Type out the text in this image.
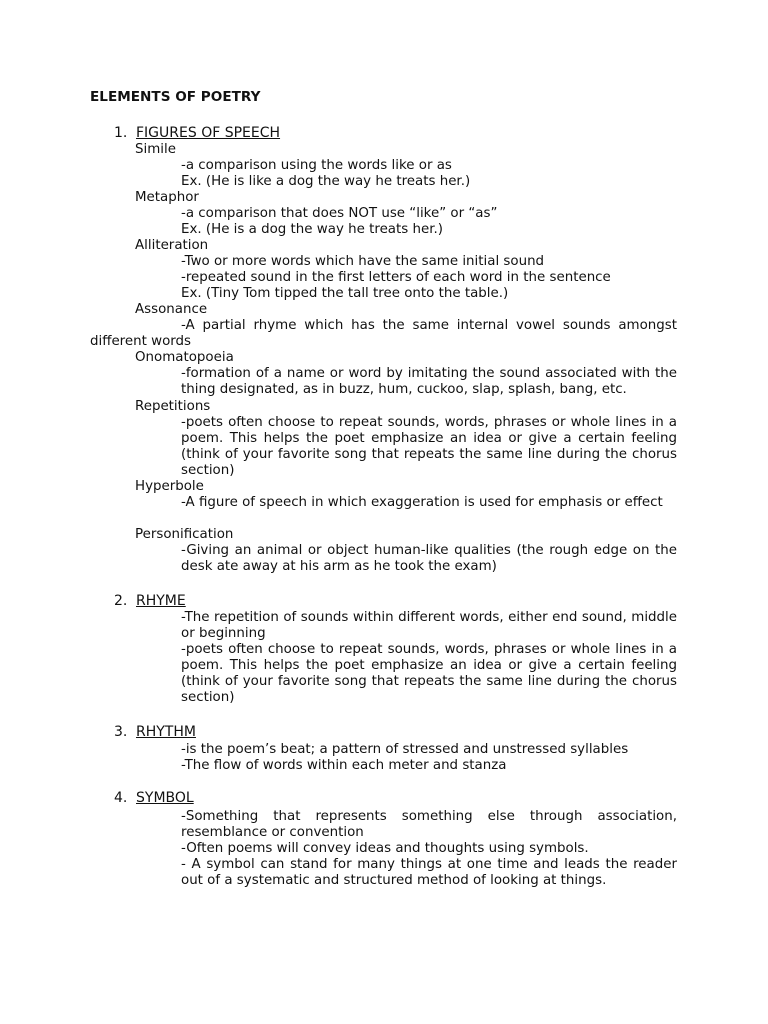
ELEMENTS OF POETRY
1. FIGURES OF SPEECH
Simile
-a comparison using the words like or as
Ex. (He is like a dog the way he treats her.)
Metaphor
-a comparison that does NOT use “like” or “as”
Ex. (He is a dog the way he treats her.)
Alliteration
-Two or more words which have the same initial sound
-repeated sound in the first letters of each word in the sentence
Ex. (Tiny Tom tipped the tall tree onto the table.)
Assonance
-A partial rhyme which has the same internal vowel sounds amongst different words
Onomatopoeia
-formation of a name or word by imitating the sound associated with the thing designated, as in buzz, hum, cuckoo, slap, splash, bang, etc.
Repetitions
-poets often choose to repeat sounds, words, phrases or whole lines in a poem. This helps the poet emphasize an idea or give a certain feeling (think of your favorite song that repeats the same line during the chorus section)
Hyperbole
-A figure of speech in which exaggeration is used for emphasis or effect
Personification
-Giving an animal or object human-like qualities (the rough edge on the desk ate away at his arm as he took the exam)
2. RHYME
-The repetition of sounds within different words, either end sound, middle or beginning
-poets often choose to repeat sounds, words, phrases or whole lines in a poem. This helps the poet emphasize an idea or give a certain feeling (think of your favorite song that repeats the same line during the chorus section)
3. RHYTHM
-is the poem’s beat; a pattern of stressed and unstressed syllables
-The flow of words within each meter and stanza
4. SYMBOL
-Something that represents something else through association, resemblance or convention
-Often poems will convey ideas and thoughts using symbols.
- A symbol can stand for many things at one time and leads the reader out of a systematic and structured method of looking at things.
